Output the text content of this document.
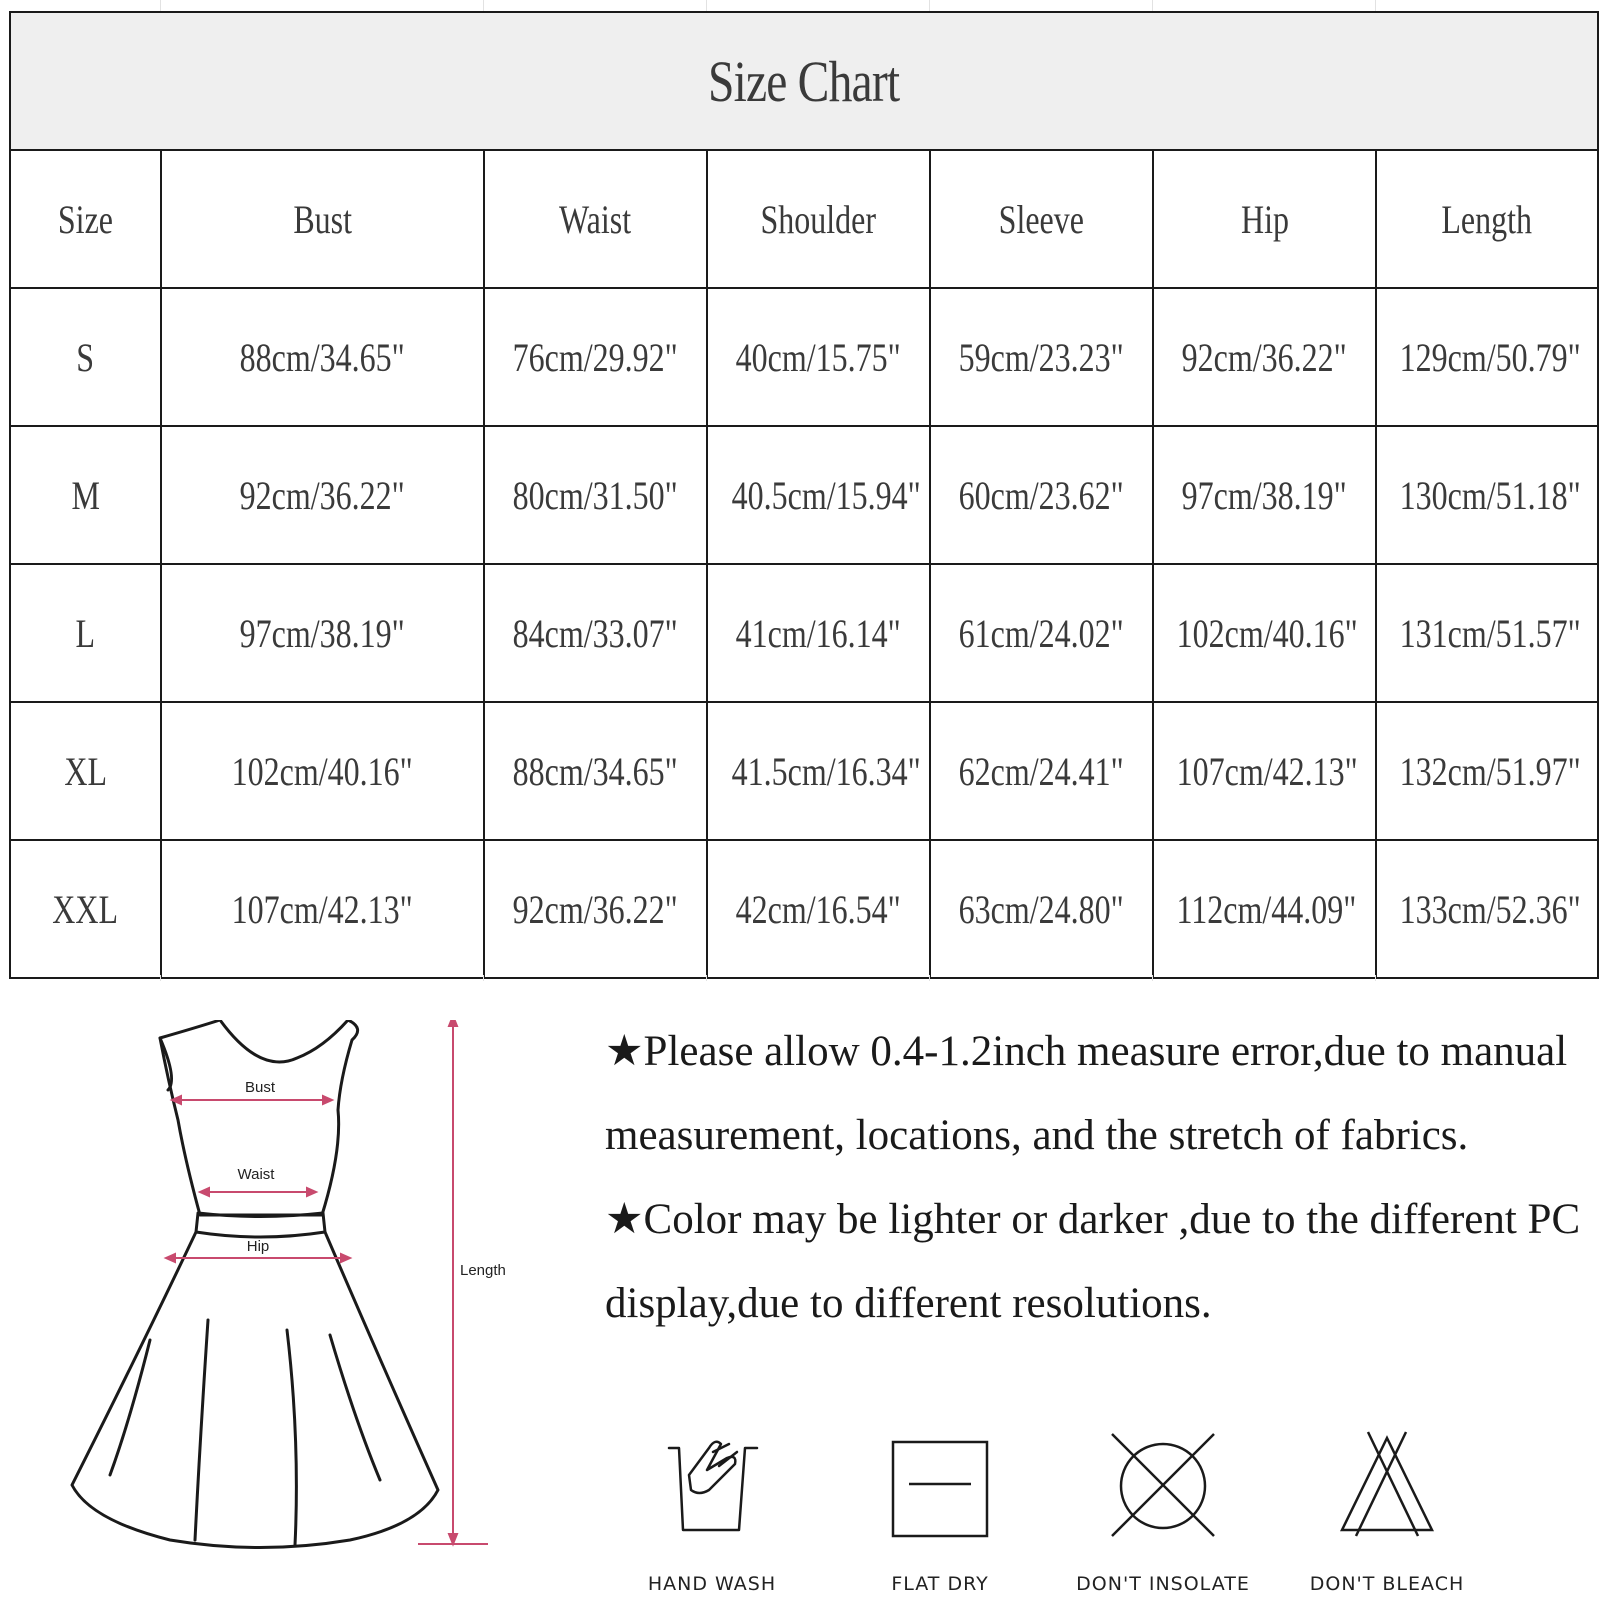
Size Chart						
Size	Bust	Waist	Shoulder	Sleeve	Hip	Length
S	88cm/34.65"	76cm/29.92"	40cm/15.75"	59cm/23.23"	92cm/36.22"	129cm/50.79"
M	92cm/36.22"	80cm/31.50"	40.5cm/15.94"	60cm/23.62"	97cm/38.19"	130cm/51.18"
L	97cm/38.19"	84cm/33.07"	41cm/16.14"	61cm/24.02"	102cm/40.16"	131cm/51.57"
XL	102cm/40.16"	88cm/34.65"	41.5cm/16.34"	62cm/24.41"	107cm/42.13"	132cm/51.97"
XXL	107cm/42.13"	92cm/36.22"	42cm/16.54"	63cm/24.80"	112cm/44.09"	133cm/52.36"
Bust
Waist
Hip
Length

★Please allow 0.4-1.2inch measure error,due to manual measurement, locations, and the stretch of fabrics.

★Color may be lighter or darker ,due to the different PC display,due to different resolutions.

HAND WASH	FLAT DRY	DON'T INSOLATE	DON'T BLEACH
